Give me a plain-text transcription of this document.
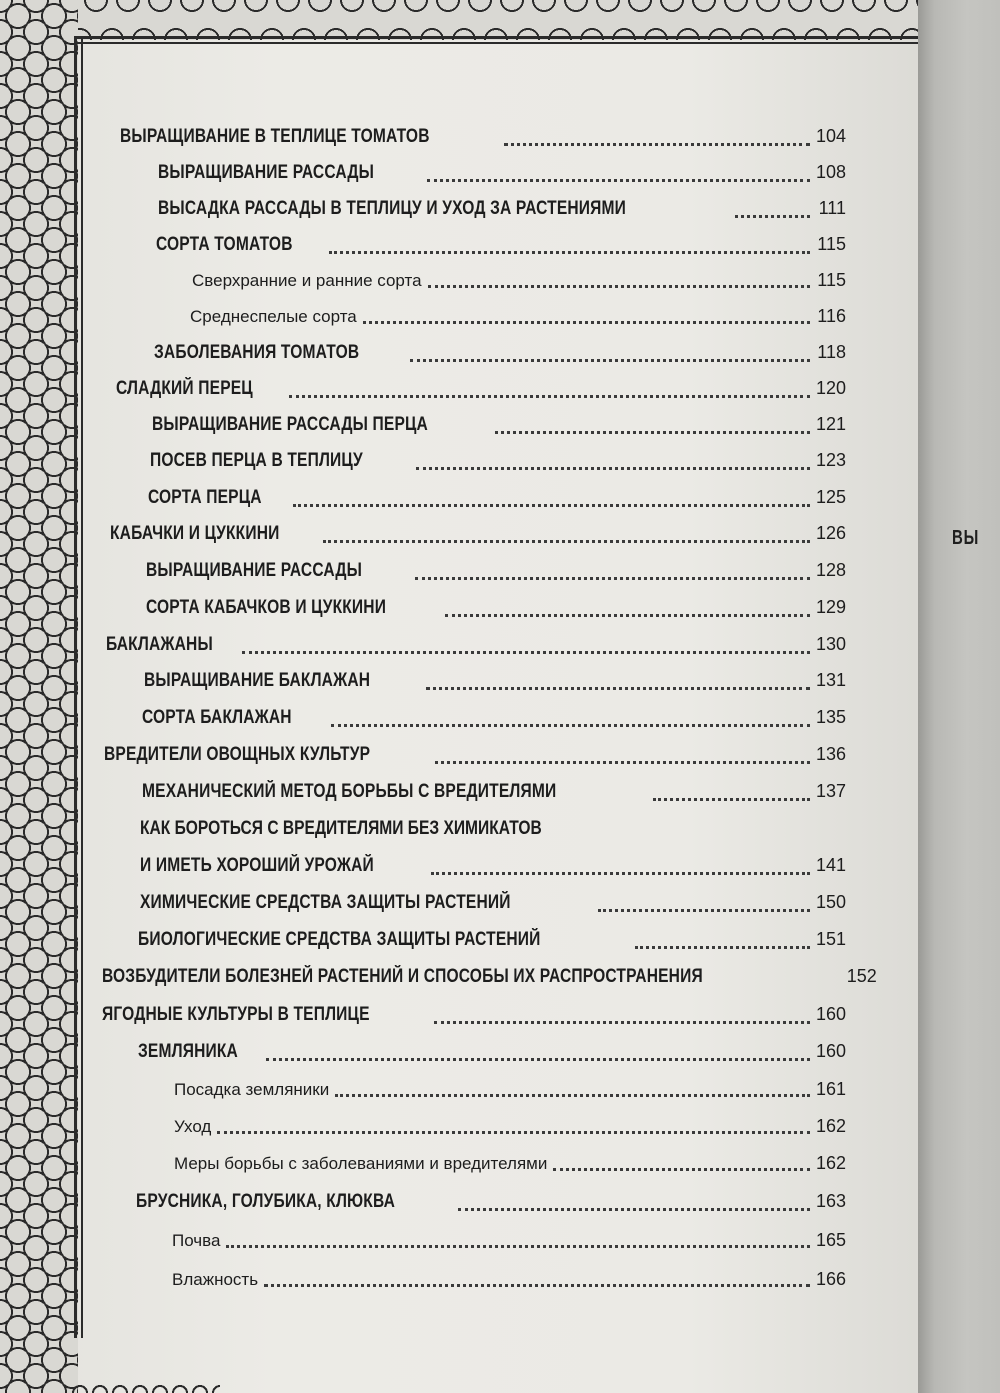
ВЫРАЩИВАНИЕ В ТЕПЛИЦЕ ТОМАТОВ	104
ВЫРАЩИВАНИЕ РАССАДЫ	108
ВЫСАДКА РАССАДЫ В ТЕПЛИЦУ И УХОД ЗА РАСТЕНИЯМИ	111
СОРТА ТОМАТОВ	115
Сверхранние и ранние сорта	115
Среднеспелые сорта	116
ЗАБОЛЕВАНИЯ ТОМАТОВ	118
СЛАДКИЙ ПЕРЕЦ	120
ВЫРАЩИВАНИЕ РАССАДЫ ПЕРЦА	121
ПОСЕВ ПЕРЦА В ТЕПЛИЦУ	123
СОРТА ПЕРЦА	125
КАБАЧКИ И ЦУККИНИ	126
ВЫРАЩИВАНИЕ РАССАДЫ	128
СОРТА КАБАЧКОВ И ЦУККИНИ	129
БАКЛАЖАНЫ	130
ВЫРАЩИВАНИЕ БАКЛАЖАН	131
СОРТА БАКЛАЖАН	135
ВРЕДИТЕЛИ ОВОЩНЫХ КУЛЬТУР	136
МЕХАНИЧЕСКИЙ МЕТОД БОРЬБЫ С ВРЕДИТЕЛЯМИ	137
КАК БОРОТЬСЯ С ВРЕДИТЕЛЯМИ БЕЗ ХИМИКАТОВ
И ИМЕТЬ ХОРОШИЙ УРОЖАЙ	141
ХИМИЧЕСКИЕ СРЕДСТВА ЗАЩИТЫ РАСТЕНИЙ	150
БИОЛОГИЧЕСКИЕ СРЕДСТВА ЗАЩИТЫ РАСТЕНИЙ	151
ВОЗБУДИТЕЛИ БОЛЕЗНЕЙ РАСТЕНИЙ И СПОСОБЫ ИХ РАСПРОСТРАНЕНИЯ	152
ЯГОДНЫЕ КУЛЬТУРЫ В ТЕПЛИЦЕ	160
ЗЕМЛЯНИКА	160
Посадка земляники	161
Уход	162
Меры борьбы с заболеваниями и вредителями	162
БРУСНИКА, ГОЛУБИКА, КЛЮКВА	163
Почва	165
Влажность	166
ВЫ
